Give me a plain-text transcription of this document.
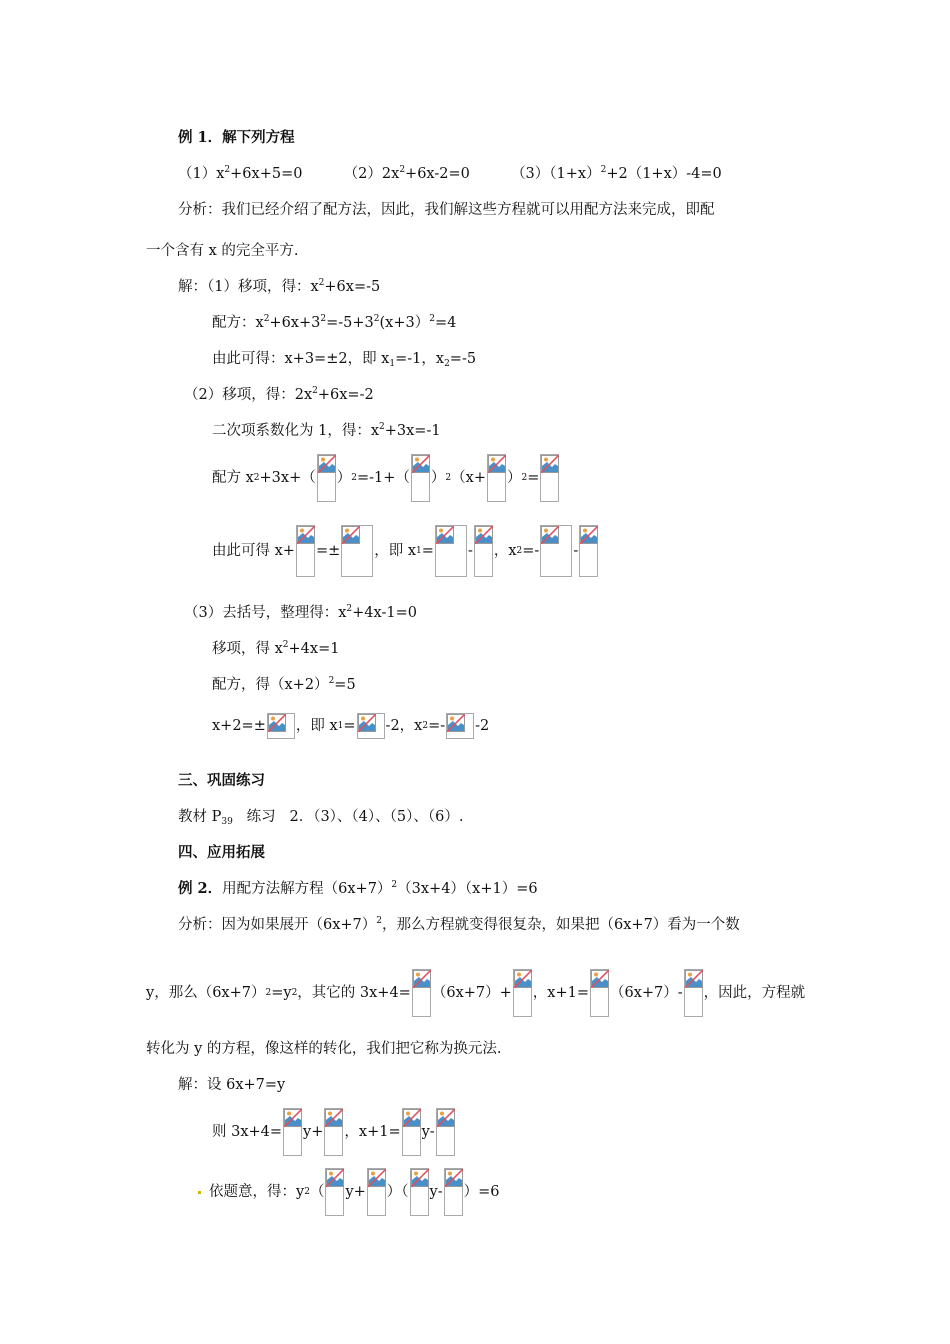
例 1．解下列方程
$(1)x^2+6x+5=0$	$(2)2x^2+6x-2=0$	$(3)(1+x)^2+2(1+x)-4=0$
分析：我们已经介绍了配方法，因此，我们解这些方程就可以用配方法来完成，即配
一个含有 x 的完全平方.
解：（1）移项，得：$x^2+6x=-5$
配方：$x^2+6x+3^2=-5+3^2(x+3)^2=4$
由此可得：x+3=±2，即 $x_1=-1$，$x_2=-5$
（2）移项，得：$2x^2+6x=-2$
二次项系数化为 1，得：$x^2+3x=-1$
配方 x 2 +3x+（ ） 2 =-1+（ ） 2 （x+ ） 2 =
由此可得 x+ =± ，即 x 1 = - ，x 2 =- -
（3）去括号，整理得：$x^2+4x-1=0$
移项，得 $x^2+4x=1$
配方，得$(x+2)^2=5$
x+2=± ，即 x 1 = -2，x 2 =- -2
三、巩固练习
教材 $P_{39}$   练习   2．（3）、（4）、（5）、（6）.
四、应用拓展
例 2．用配方法解方程$(6x+7)^2(3x+4)(x+1)=6$
分析：因为如果展开$(6x+7)^2$，那么方程就变得很复杂，如果把（6x+7）看为一个数
y，那么（6x+7） 2 =y 2 ，其它的 3x+4= （6x+7）+ ，x+1= （6x+7）- ，因此，方程就
转化为 y 的方程，像这样的转化，我们把它称为换元法.
解：设 6x+7=y
则 3x+4= y+ ，x+1= y-
依题意，得：y 2 （ y+ ）（ y- ）=6
